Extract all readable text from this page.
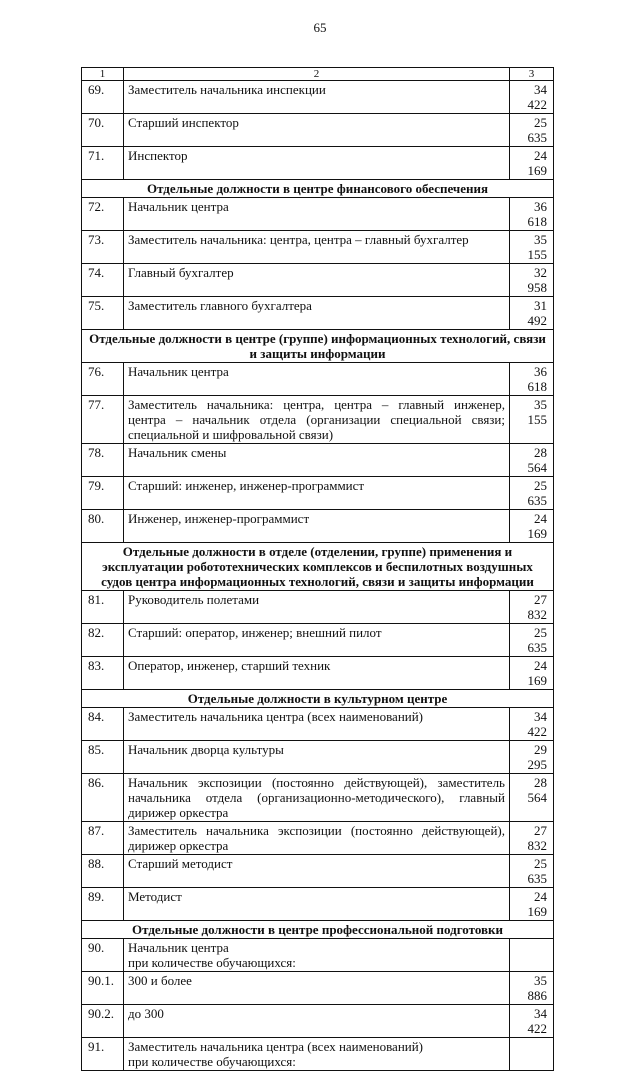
65
1	2	3
69.	Заместитель начальника инспекции	34 422
70.	Старший инспектор	25 635
71.	Инспектор	24 169
Отдельные должности в центре финансового обеспечения		
72.	Начальник центра	36 618
73.	Заместитель начальника: центра, центра – главный бухгалтер	35 155
74.	Главный бухгалтер	32 958
75.	Заместитель главного бухгалтера	31 492
Отдельные должности в центре (группе) информационных технологий, связи и защиты информации		
76.	Начальник центра	36 618
77.	Заместитель начальника: центра, центра – главный инженер, центра – начальник отдела (организации специальной связи; специальной и шифровальной связи)	35 155
78.	Начальник смены	28 564
79.	Старший: инженер, инженер-программист	25 635
80.	Инженер, инженер-программист	24 169
Отдельные должности в отделе (отделении, группе) применения и эксплуатации робототехнических комплексов и беспилотных воздушных судов центра информационных технологий, связи и защиты информации		
81.	Руководитель полетами	27 832
82.	Старший: оператор, инженер; внешний пилот	25 635
83.	Оператор, инженер, старший техник	24 169
Отдельные должности в культурном центре		
84.	Заместитель начальника центра (всех наименований)	34 422
85.	Начальник дворца культуры	29 295
86.	Начальник экспозиции (постоянно действующей), заместитель начальника отдела (организационно-методического), главный дирижер оркестра	28 564
87.	Заместитель начальника экспозиции (постоянно действующей), дирижер оркестра	27 832
88.	Старший методист	25 635
89.	Методист	24 169
Отдельные должности в центре профессиональной подготовки		
90.	Начальник центра
при количестве обучающихся:	

90.1.	300 и более	35 886
90.2.	до 300	34 422
91.	Заместитель начальника центра (всех наименований)
при количестве обучающихся:	
